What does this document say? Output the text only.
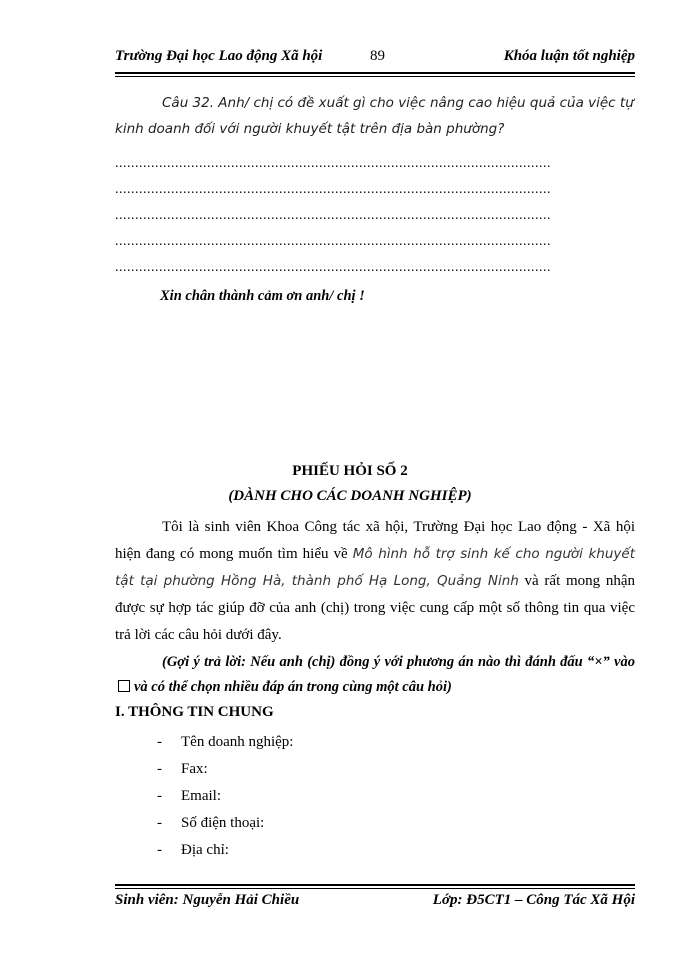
Trường Đại học Lao động Xã hội	89	Khóa luận tốt nghiệp
Câu 32. Anh/ chị có đề xuất gì cho việc nâng cao hiệu quả của việc tự
kinh doanh đối với người khuyết tật trên địa bàn phường?
.............................................................................................................
.............................................................................................................
.............................................................................................................
.............................................................................................................
.............................................................................................................
Xin chân thành cảm ơn anh/ chị !
PHIẾU HỎI SỐ 2
(DÀNH CHO CÁC DOANH NGHIỆP)
Tôi là sinh viên Khoa Công tác xã hội, Trường Đại học Lao động - Xã hội hiện đang có mong muốn tìm hiểu về Mô hình hỗ trợ sinh kế cho người khuyết tật tại phường Hồng Hà, thành phố Hạ Long, Quảng Ninh và rất mong nhận được sự hợp tác giúp đỡ của anh (chị) trong việc cung cấp một số thông tin qua việc trả lời các câu hỏi dưới đây.
(Gợi ý trả lời: Nếu anh (chị) đồng ý với phương án nào thì đánh đấu “×” vàovà có thể chọn nhiều đáp án trong cùng một câu hỏi)
I. THÔNG TIN CHUNG
- Tên doanh nghiệp:
- Fax:
- Email:
- Số điện thoại:
- Địa chỉ:
Sinh viên: Nguyễn Hải Chiều	Lớp: Đ5CT1 – Công Tác Xã Hội
